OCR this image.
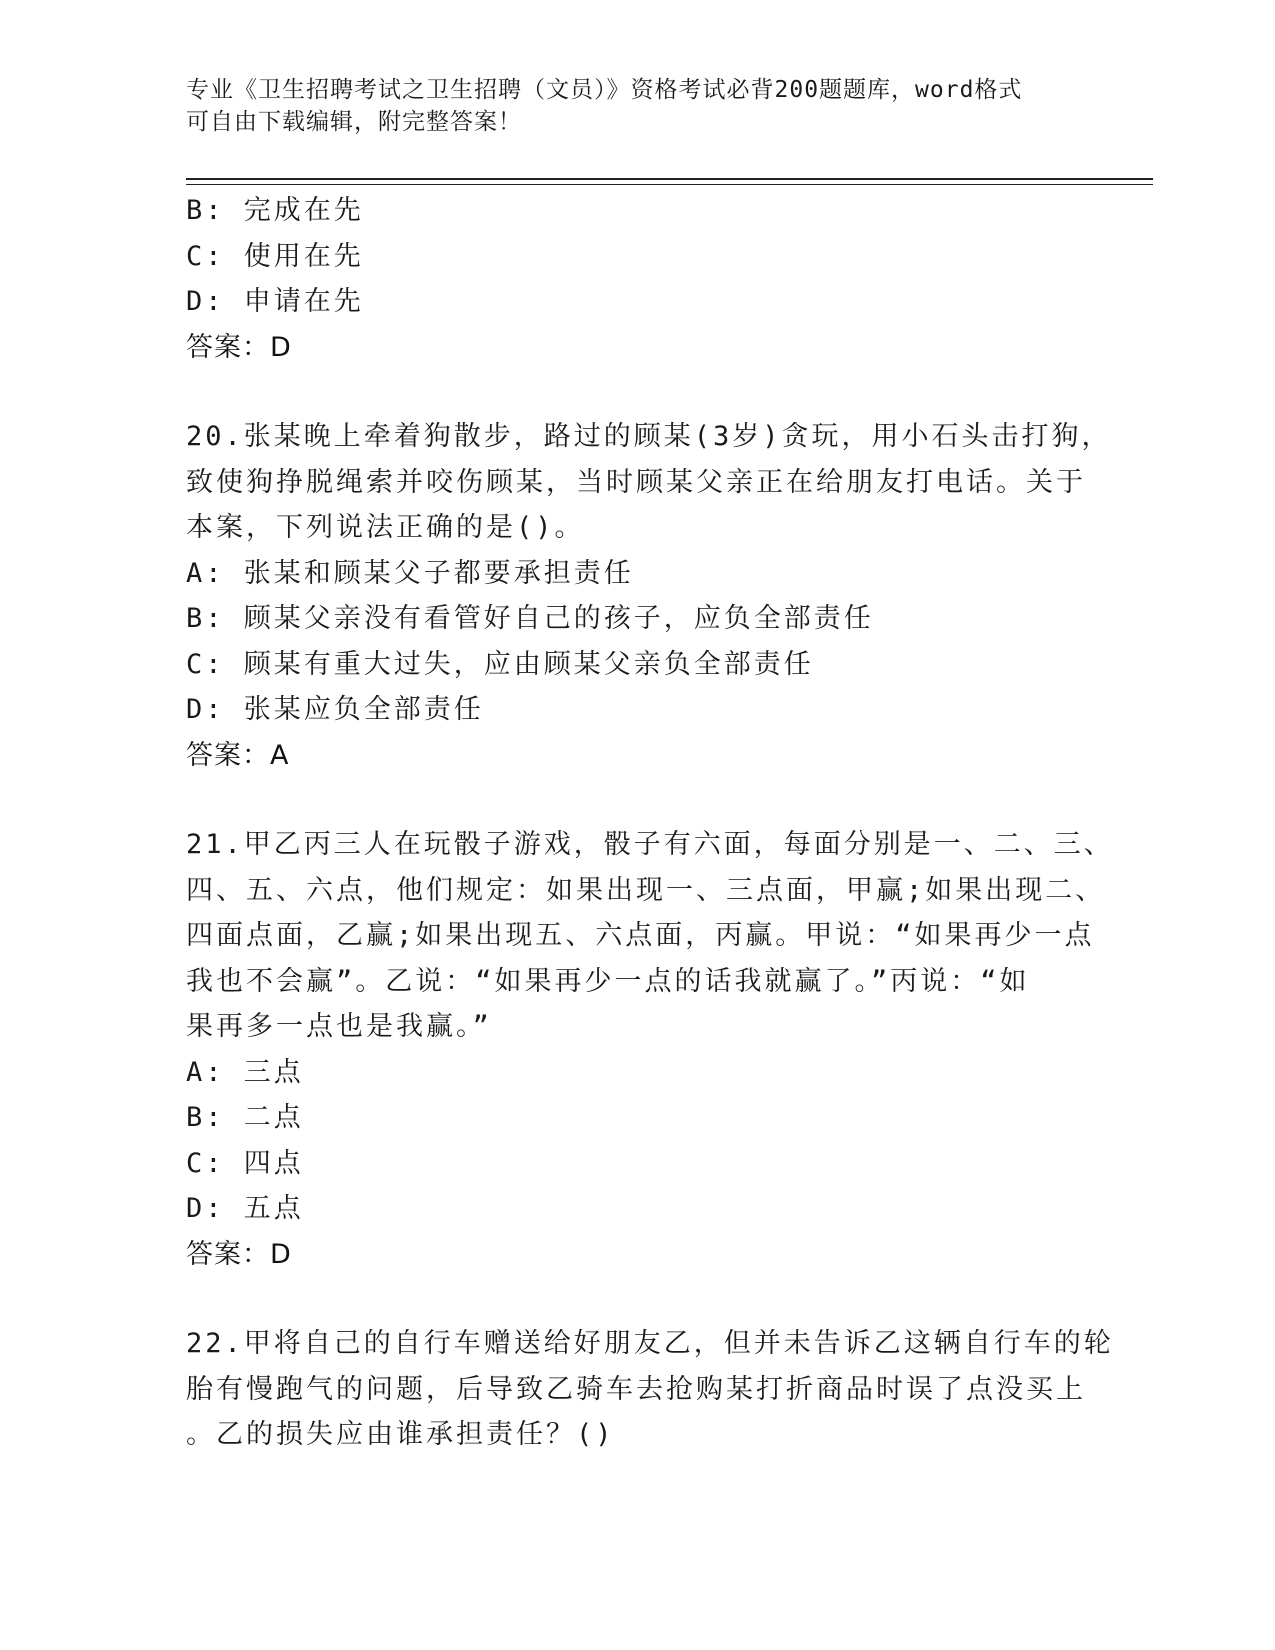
专业《卫生招聘考试之卫生招聘（文员）》资格考试必背200题题库，word格式
可自由下载编辑，附完整答案！
B: 完成在先
C: 使用在先
D: 申请在先
答案：D
20.张某晚上牵着狗散步，路过的顾某(3岁)贪玩，用小石头击打狗，
致使狗挣脱绳索并咬伤顾某，当时顾某父亲正在给朋友打电话。关于
本案，下列说法正确的是()。
A: 张某和顾某父子都要承担责任
B: 顾某父亲没有看管好自己的孩子，应负全部责任
C: 顾某有重大过失，应由顾某父亲负全部责任
D: 张某应负全部责任
答案：A
21.甲乙丙三人在玩骰子游戏，骰子有六面，每面分别是一、二、三、
四、五、六点，他们规定：如果出现一、三点面，甲赢;如果出现二、
四面点面，乙赢;如果出现五、六点面，丙赢。甲说：“如果再少一点
我也不会赢”。乙说：“如果再少一点的话我就赢了。”丙说：“如
果再多一点也是我赢。”
A: 三点
B: 二点
C: 四点
D: 五点
答案：D
22.甲将自己的自行车赠送给好朋友乙，但并未告诉乙这辆自行车的轮
胎有慢跑气的问题，后导致乙骑车去抢购某打折商品时误了点没买上
。乙的损失应由谁承担责任？()
